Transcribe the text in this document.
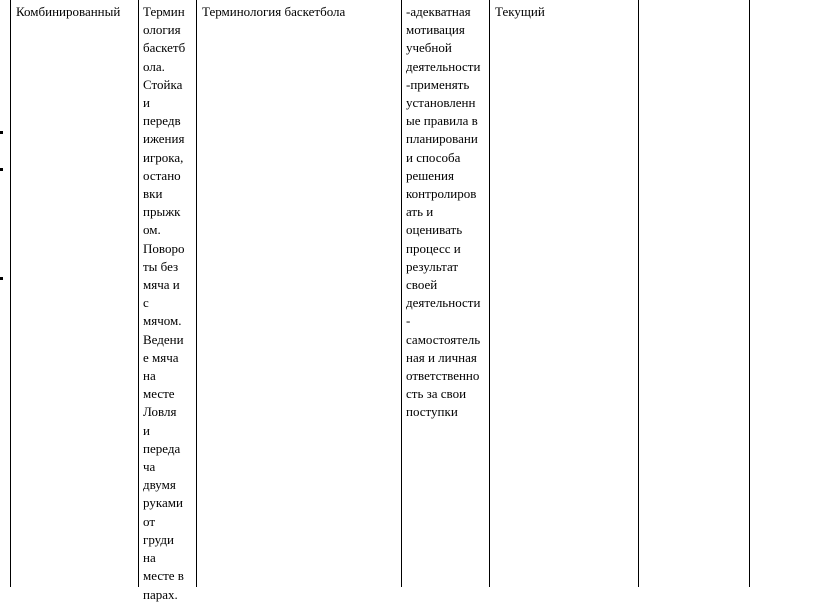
Комбинированный	Термин
ология
баскетб
ола.
Стойка
и
передв
ижения
игрока,
остано
вки
прыжк
ом.
Поворо
ты без
мяча и
с
мячом.
Ведени
е мяча
на
месте
Ловля
и
переда
ча
двумя
руками
от
груди
на
месте в
парах.
Терминология баскетбола	-адекватная
мотивация
учебной
деятельности
-применять
установленн
ые правила в
планировани
и способа
решения
контролиров
ать и
оценивать
процесс и
результат
своей
деятельности
-
самостоятель
ная и личная
ответственно
сть за свои
поступки
Текущий
